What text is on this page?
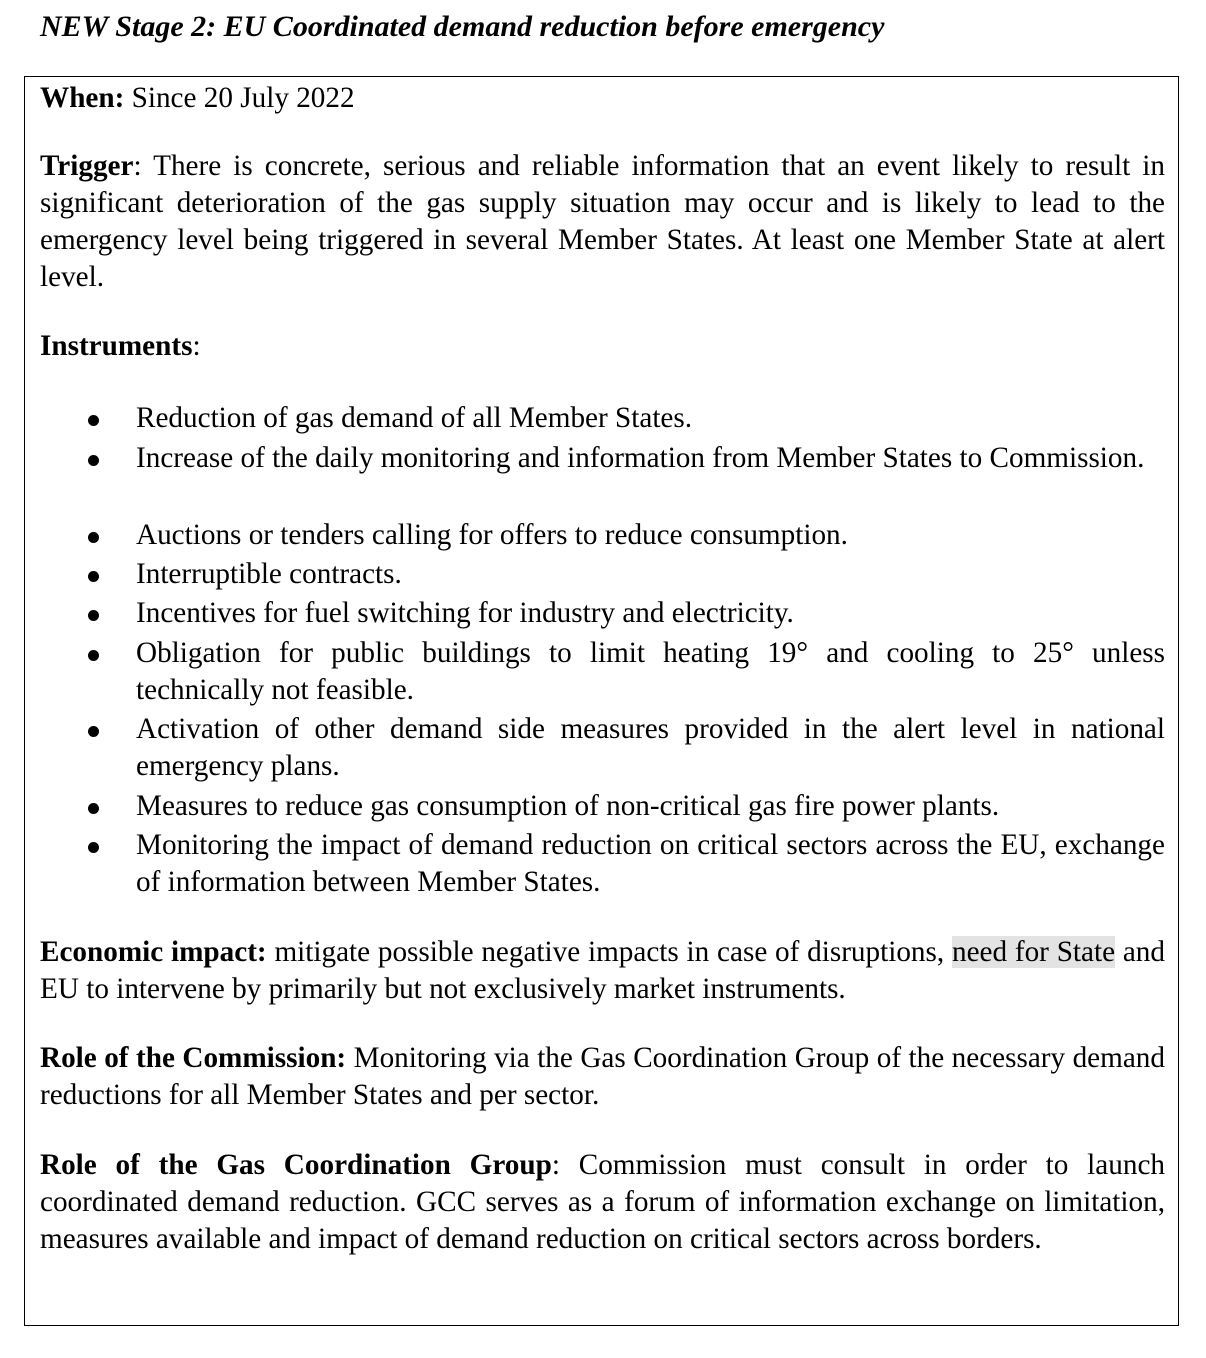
NEW Stage 2: EU Coordinated demand reduction before emergency

When: Since 20 July 2022

Trigger: There is concrete, serious and reliable information that an event likely to result in significant deterioration of the gas supply situation may occur and is likely to lead to the emergency level being triggered in several Member States. At least one Member State at alert level.

Instruments:

Reduction of gas demand of all Member States.
Increase of the daily monitoring and information from Member States to Commission.
Auctions or tenders calling for offers to reduce consumption.
Interruptible contracts.
Incentives for fuel switching for industry and electricity.
Obligation for public buildings to limit heating 19° and cooling to 25° unless technically not feasible.
Activation of other demand side measures provided in the alert level in national emergency plans.
Measures to reduce gas consumption of non-critical gas fire power plants.
Monitoring the impact of demand reduction on critical sectors across the EU, exchange of information between Member States.

Economic impact: mitigate possible negative impacts in case of disruptions, need for State and EU to intervene by primarily but not exclusively market instruments.

Role of the Commission: Monitoring via the Gas Coordination Group of the necessary demand reductions for all Member States and per sector.

Role of the Gas Coordination Group: Commission must consult in order to launch coordinated demand reduction. GCC serves as a forum of information exchange on limitation, measures available and impact of demand reduction on critical sectors across borders.
